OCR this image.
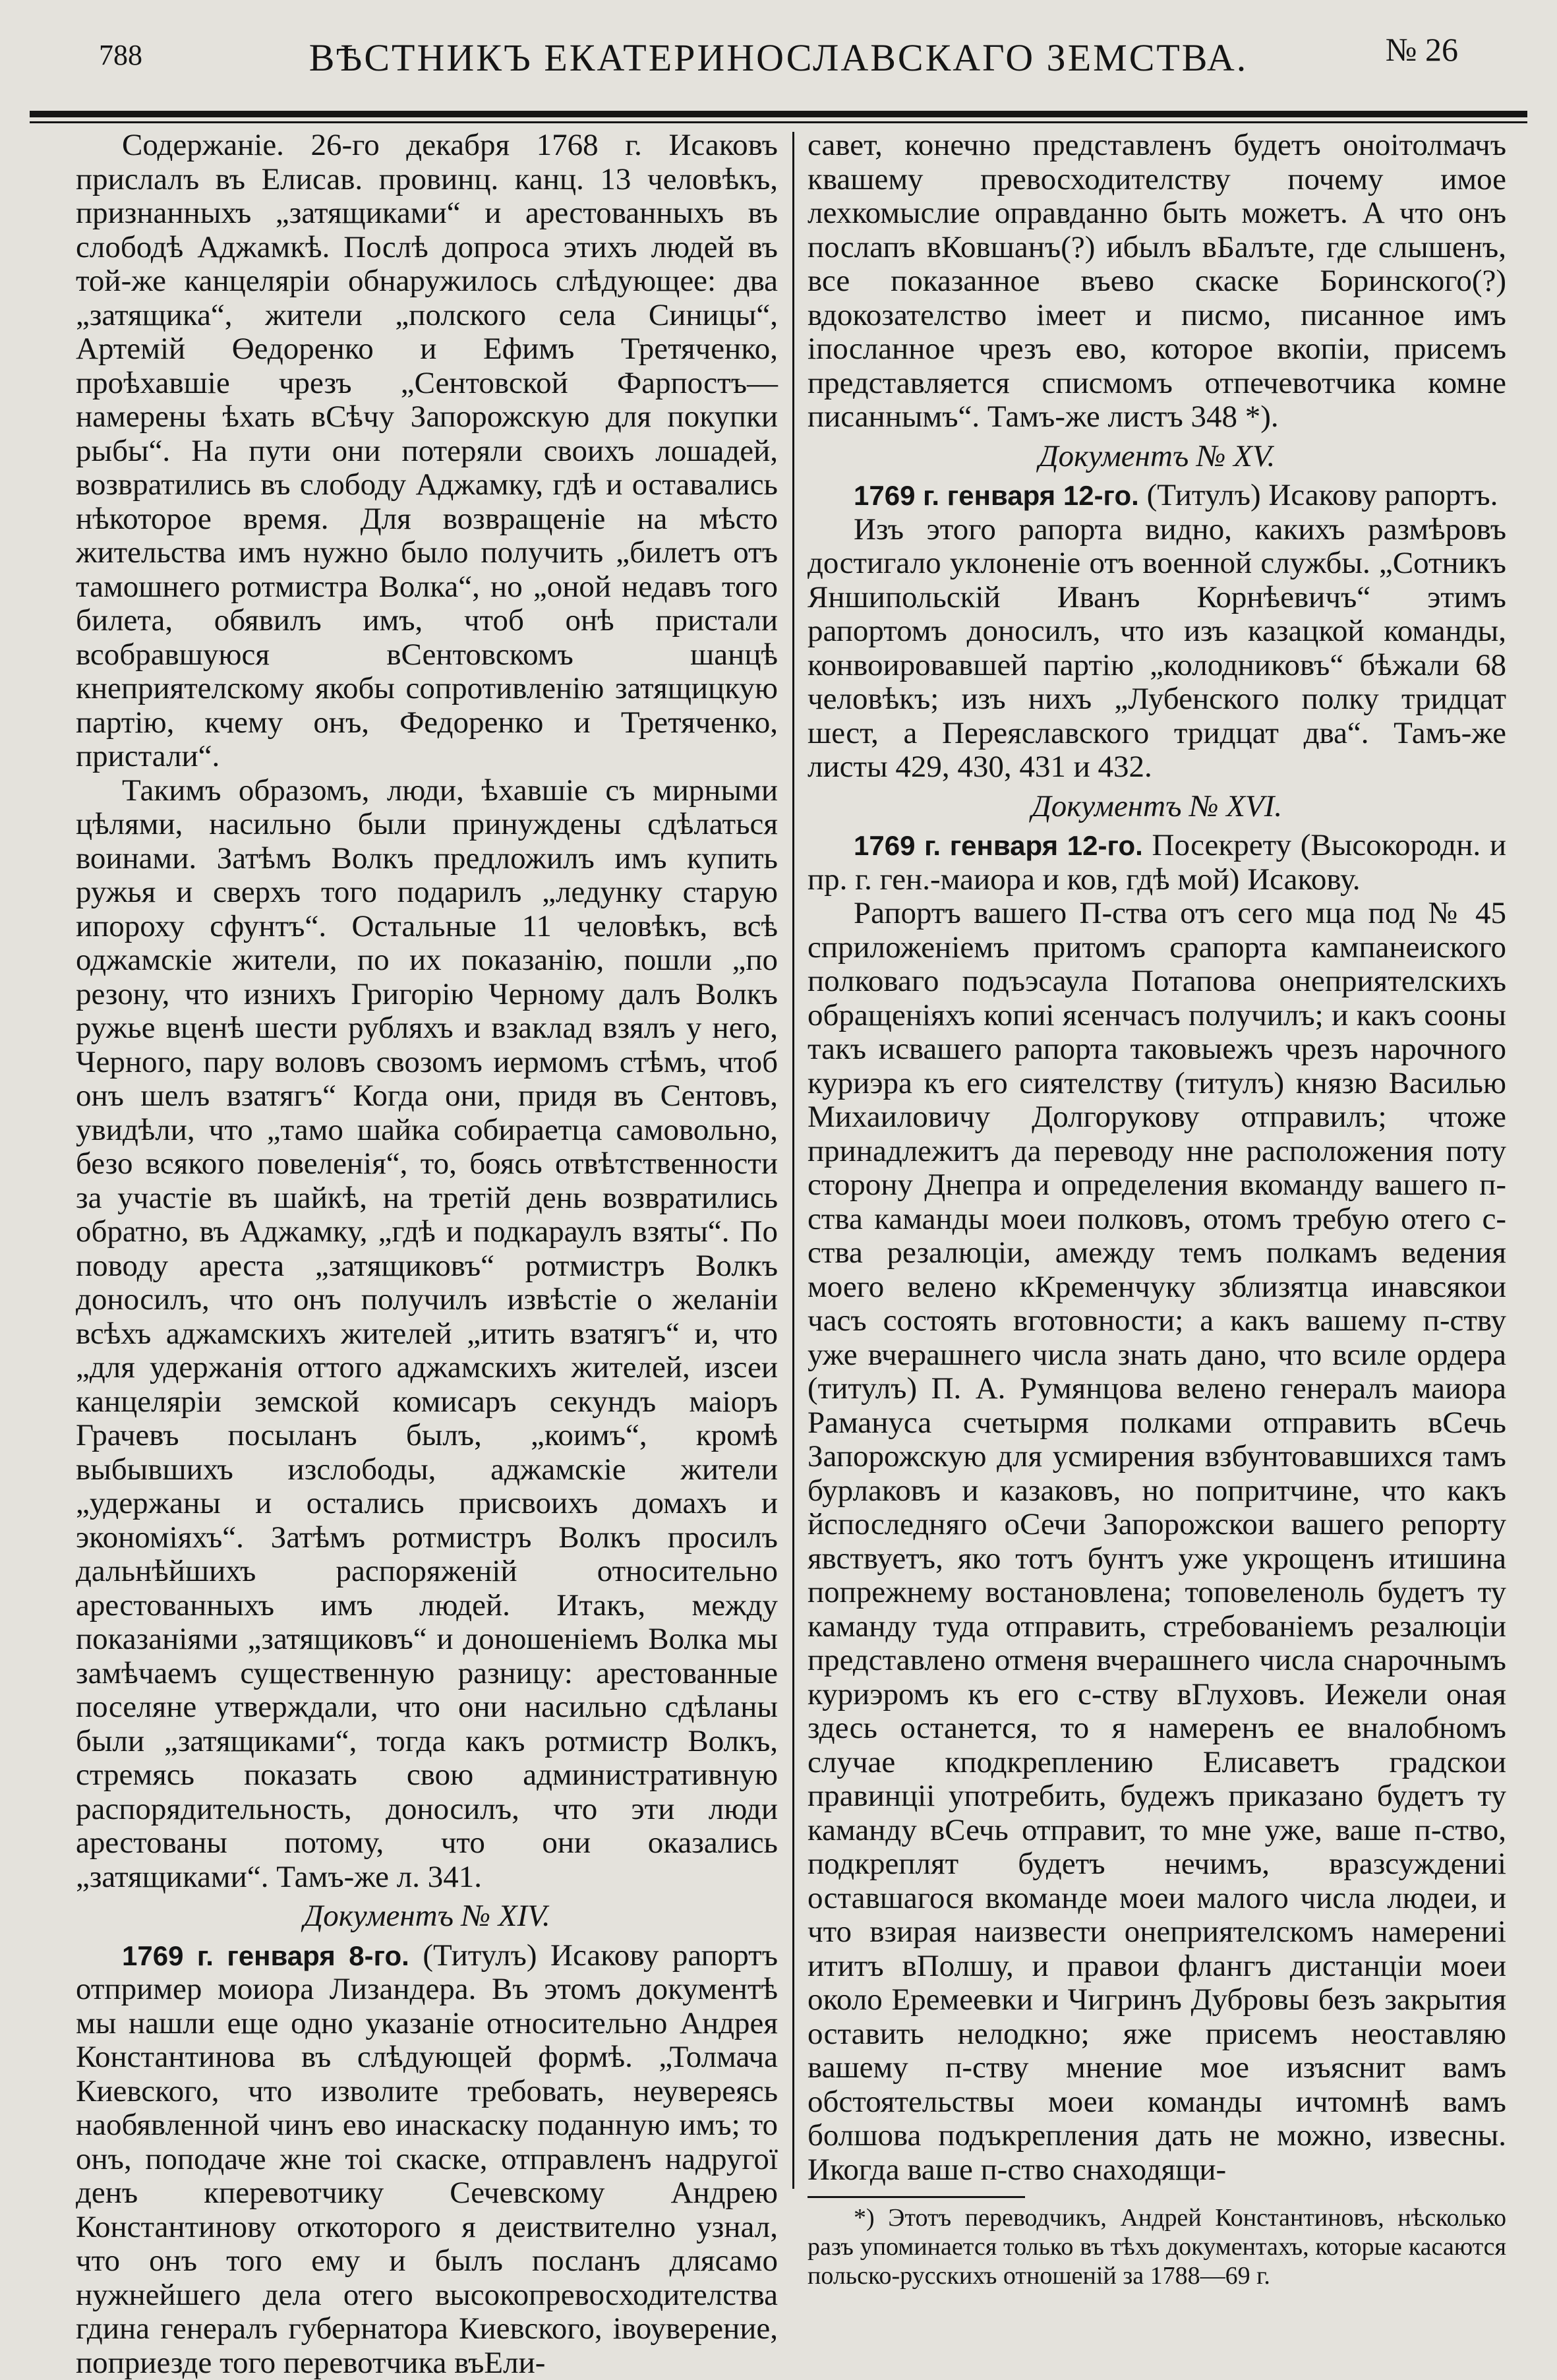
788	ВѢСТНИКЪ ЕКАТЕРИНОСЛАВСКАГО ЗЕМСТВА.	№ 26

Содержаніе. 26-го декабря 1768 г. Исаковъ прислалъ въ Елисав. провинц. канц. 13 человѣкъ, признанныхъ „затящиками“ и арестованныхъ въ слободѣ Аджамкѣ. Послѣ допроса этихъ людей въ той-же канцеляріи обнаружилось слѣдующее: два „затящика“, жители „полского села Синицы“, Артемій Өедоренко и Ефимъ Третяченко, проѣхавшіе чрезъ „Сентовской Фарпостъ—намерены ѣхать вСѣчу Запорожскую для покупки рыбы“. На пути они потеряли своихъ лошадей, возвратились въ слободу Аджамку, гдѣ и оставались нѣкоторое время. Для возвращеніе на мѣсто жительства имъ нужно было получить „билетъ отъ тамошнего ротмистра Волка“, но „оной недавъ того билета, обявилъ имъ, чтоб онѣ пристали всобравшуюся вСентовскомъ шанцѣ кнеприятелскому якобы сопротивленію затящицкую партію, кчему онъ, Федоренко и Третяченко, пристали“.

Такимъ образомъ, люди, ѣхавшіе съ мирными цѣлями, насильно были принуждены сдѣлаться воинами. Затѣмъ Волкъ предложилъ имъ купить ружья и сверхъ того подарилъ „ледунку старую ипороху сфунтъ“. Остальные 11 человѣкъ, всѣ оджамскіе жители, по их показанію, пошли „по резону, что изнихъ Григорію Черному далъ Волкъ ружье вценѣ шести рубляхъ и взаклад взялъ у него, Черного, пару воловъ свозомъ иермомъ стѣмъ, чтоб онъ шелъ взатягъ“ Когда они, придя въ Сентовъ, увидѣли, что „тамо шайка собираетца самовольно, безо всякого повеленія“, то, боясь отвѣтственности за участіе въ шайкѣ, на третій день возвратились обратно, въ Аджамку, „гдѣ и подкараулъ взяты“. По поводу ареста „затящиковъ“ ротмистръ Волкъ доносилъ, что онъ получилъ извѣстіе о желаніи всѣхъ аджамскихъ жителей „итить взатягъ“ и, что „для удержанія оттого аджамскихъ жителей, изсеи канцеляріи земской комисаръ секундъ маіоръ Грачевъ посыланъ былъ, „коимъ“, кромѣ выбывшихъ изслободы, аджамскіе жители „удержаны и остались присвоихъ домахъ и экономіяхъ“. Затѣмъ ротмистръ Волкъ просилъ дальнѣйшихъ распоряженій относительно арестованныхъ имъ людей. Итакъ, между показаніями „затящиковъ“ и доношеніемъ Волка мы замѣчаемъ существенную разницу: арестованные поселяне утверждали, что они насильно сдѣланы были „затящиками“, тогда какъ ротмистр Волкъ, стремясь показать свою административную распорядительность, доносилъ, что эти люди арестованы потому, что они оказались „затящиками“. Тамъ-же л. 341.

Документъ № XIV.

1769 г. генваря 8-го. (Титулъ) Исакову рапортъ отпример моиора Лизандера. Въ этомъ документѣ мы нашли еще одно указаніе относительно Андрея Константинова въ слѣдующей формѣ. „Толмача Киевского, что изволите требовать, неувереясь наобявленной чинъ ево инаскаску поданную имъ; то онъ, поподаче жне тоі скаске, отправленъ надругої денъ кперевотчику Сечевскому Андрею Константинову откоторого я деиствително узнал, что онъ того ему и былъ посланъ длясамо нужнейшего дела отего высокопревосходителства гдина генералъ губернатора Киевского, івоуверение, поприезде того перевотчика въЕли-

савет, конечно представленъ будетъ оноітолмачъ квашему превосходителству почему имое лехкомыслие оправданно быть можетъ. А что онъ послапъ вКовшанъ(?) ибылъ вБалъте, где слышенъ, все показанное въево скаске Боринского(?) вдокозателство імеет и писмо, писанное имъ іпосланное чрезъ ево, которое вкопіи, присемъ представляется списмомъ отпечевотчика комне писаннымъ“. Тамъ-же листъ 348 *).

Документъ № XV.

1769 г. генваря 12-го. (Титулъ) Исакову рапортъ.

Изъ этого рапорта видно, какихъ размѣровъ достигало уклоненіе отъ военной службы. „Сотникъ Яншипольскій Иванъ Корнѣевичъ“ этимъ рапортомъ доносилъ, что изъ казацкой команды, конвоировавшей партію „колодниковъ“ бѣжали 68 человѣкъ; изъ нихъ „Лубенского полку тридцат шест, а Переяславского тридцат два“. Тамъ-же листы 429, 430, 431 и 432.

Документъ № XVI.

1769 г. генваря 12-го. Посекрету (Высокородн. и пр. г. ген.-маиора и ков, гдѣ мой) Исакову.

Рапортъ вашего П-ства отъ сего мца под № 45 сприложеніемъ притомъ срапорта кампанеиского полковаго подъэсаула Потапова онеприятелскихъ обращеніяхъ копиі ясенчасъ получилъ; и какъ сооны такъ исвашего рапорта таковыежъ чрезъ нарочного куриэра къ его сиятелству (титулъ) князю Василью Михаиловичу Долгорукову отправилъ; чтоже принадлежитъ да переводу нне расположения поту сторону Днепра и определения вкоманду вашего п-ства каманды моеи полковъ, отомъ требую отего с-ства резалюціи, амежду темъ полкамъ ведения моего велено кКременчуку зблизятца инавсякои часъ состоять вготовности; а какъ вашему п-ству уже вчерашнего числа знать дано, что всиле ордера (титулъ) П. А. Румянцова велено генералъ маиора Рамануса счетырмя полками отправить вСечь Запорожскую для усмирения взбунтовавшихся тамъ бурлаковъ и казаковъ, но попритчине, что какъ йспоследняго оСечи Запорожскои вашего репорту явствуетъ, яко тотъ бунтъ уже укрощенъ итишина попрежнему востановлена; топовеленоль будетъ ту каманду туда отправить, стребованіемъ резалюціи представлено отменя вчерашнего числа снарочнымъ куриэромъ къ его с-ству вГлуховъ. Иежели оная здесь останется, то я намеренъ ее вналобномъ случае кподкреплению Елисаветъ градскои правинціі употребить, будежъ приказано будетъ ту каманду вСечь отправит, то мне уже, ваше п-ство, подкреплят будетъ нечимъ, вразсуждениі оставшагося вкоманде моеи малого числа людеи, и что взирая наизвести онеприятелскомъ намерениі ититъ вПолшу, и правои флангъ дистанціи моеи около Еремеевки и Чигринъ Дубровы безъ закрытия оставить нелодкно; яже присемъ неоставляю вашему п-ству мнение мое изъяснит вамъ обстоятельствы моеи команды ичтомнѣ вамъ болшова подъкрепления дать не можно, извесны. Икогда ваше п-ство снаходящи-

*) Этотъ переводчикъ, Андрей Константиновъ, нѣсколько разъ упоминается только въ тѣхъ документахъ, которые касаются польско-русскихъ отношеній за 1788—69 г.
